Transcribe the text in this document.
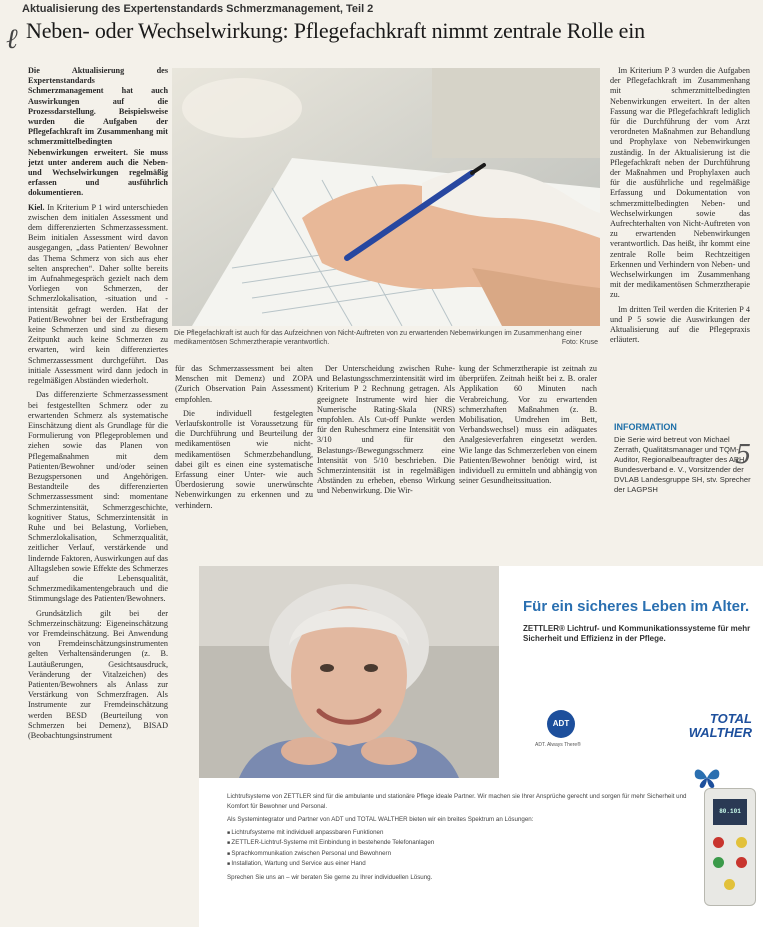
Aktualisierung des Expertenstandards Schmerzmanagement, Teil 2
ℓ Neben- oder Wechselwirkung: Pflegefachkraft nimmt zentrale Rolle ein

Die Aktualisierung des Expertenstandards Schmerzmanagement hat auch Auswirkungen auf die Prozessdarstellung. Beispielsweise wurden die Aufgaben der Pflegefachkraft im Zusammenhang mit schmerzmittelbedingten Nebenwirkungen erweitert. Sie muss jetzt unter anderem auch die Neben- und Wechselwirkungen regelmäßig erfassen und ausführlich dokumentieren.

Kiel. In Kriterium P 1 wird unterschieden zwischen dem initialen Assessment und dem differenzierten Schmerzassessment. Beim initialen Assessment wird davon ausgegangen, „dass Patienten/ Bewohner das Thema Schmerz von sich aus eher selten ansprechen“. Daher sollte bereits im Aufnahmegespräch gezielt nach dem Vorliegen von Schmerzen, der Schmerzlokalisation, -situation und -intensität gefragt werden. Hat der Patient/Bewohner bei der Erstbefragung keine Schmerzen und sind zu diesem Zeitpunkt auch keine Schmerzen zu erwarten, wird kein differenziertes Schmerzassessment durchgeführt. Das initiale Assessment wird dann jedoch in regelmäßigen Abständen wiederholt.

Das differenzierte Schmerzassessment bei festgestellten Schmerz oder zu erwartenden Schmerz als systematische Einschätzung dient als Grundlage für die Formulierung von Pflegeproblemen und ziehen sowie das Planen von Pflegemaßnahmen mit dem Patienten/Bewohner und/oder seinen Bezugspersonen und Angehörigen. Bestandteile des differenzierten Schmerzassessment sind: momentane Schmerzintensität, Schmerzgeschichte, kognitiver Status, Schmerzintensität in Ruhe und bei Belastung, Vorlieben, Schmerzlokalisation, Schmerzqualität, zeitlicher Verlauf, verstärkende und lindernde Faktoren, Auswirkungen auf das Alltagsleben sowie Effekte des Schmerzes auf die Lebensqualität, Schmerzmedikamentengebrauch und die Stimmungslage des Patienten/Bewohners.

Grundsätzlich gilt bei der Schmerzeinschätzung: Eigeneinschätzung vor Fremdeinschätzung. Bei Anwendung von Fremdeinschätzungsinstrumenten gelten Verhaltensänderungen (z. B. Lautäußerungen, Gesichtsausdruck, Veränderung der Vitalzeichen) des Patienten/Bewohners als Anlass zur Verstärkung von Schmerzfragen. Als Instrumente zur Fremdeinschätzung werden BESD (Beurteilung von Schmerzen bei Demenz), BISAD (Beobachtungsinstrument

Die Pflegefachkraft ist auch für das Aufzeichnen von Nicht-Auftreten von zu erwartenden Nebenwirkungen im Zusammenhang einer medikamentösen Schmerztherapie verantwortlich.	Foto: Kruse

für das Schmerzassessment bei alten Menschen mit Demenz) und ZOPA (Zurich Observation Pain Assessment) empfohlen.

Die individuell festgelegten Verlaufskontrolle ist Voraussetzung für die Durchführung und Beurteilung der medikamentösen wie nicht-medikamentösen Schmerzbehandlung, dabei gilt es einen eine systematische Erfassung einer Unter- wie auch Überdosierung sowie unerwünschte Nebenwirkungen zu erkennen und zu verhindern.

Der Unterscheidung zwischen Ruhe- und Belastungsschmerzintensität wird im Kriterium P 2 Rechnung getragen. Als geeignete Instrumente wird hier die Numerische Rating-Skala (NRS) empfohlen. Als Cut-off Punkte werden für den Ruheschmerz eine Intensität von 3/10 und für den Belastungs-/Bewegungsschmerz eine Intensität von 5/10 beschrieben. Die Schmerzintensität ist in regelmäßigen Abständen zu erheben, ebenso Wirkung und Nebenwirkung. Die Wir-

kung der Schmerztherapie ist zeitnah zu überprüfen. Zeitnah heißt bei z. B. oraler Applikation 60 Minuten nach Verabreichung. Vor zu erwartenden schmerzhaften Maßnahmen (z. B. Mobilisation, Umdrehen im Bett, Verbandswechsel) muss ein adäquates Analgesieverfahren eingesetzt werden. Wie lange das Schmerzerleben von einem Patienten/Bewohner benötigt wird, ist individuell zu ermitteln und abhängig von seiner Gesundheitssituation.

Im Kriterium P 3 wurden die Aufgaben der Pflegefachkraft im Zusammenhang mit schmerzmittelbedingten Nebenwirkungen erweitert. In der alten Fassung war die Pflegefachkraft lediglich für die Durchführung der vom Arzt verordneten Maßnahmen zur Behandlung und Prophylaxe von Nebenwirkungen zuständig. In der Aktualisierung ist die Pflegefachkraft neben der Durchführung der Maßnahmen und Prophylaxen auch für die ausführliche und regelmäßige Erfassung und Dokumentation von schmerzmittelbedingten Neben- und Wechselwirkungen sowie das Aufrechterhalten von Nicht-Auftreten von zu erwartenden Nebenwirkungen verantwortlich. Das heißt, ihr kommt eine zentrale Rolle beim Rechtzeitigen Erkennen und Verhindern von Neben- und Wechselwirkungen im Zusammenhang mit der medikamentösen Schmerztherapie zu.

Im dritten Teil werden die Kriterien P 4 und P 5 sowie die Auswirkungen der Aktualisierung auf die Pflegepraxis erläutert.

INFORMATION
Die Serie wird betreut von Michael Zerrath, Qualitätsmanager und TQM-Auditor, Regionalbeauftragter des APH Bundesverband e. V., Vorsitzender der DVLAB Landesgruppe SH, stv. Sprecher der LAGPSH
5
Für ein sicheres Leben im Alter.
ZETTLER® Lichtruf- und Kommunikationssysteme für mehr Sicherheit und Effizienz in der Pflege.
ADT
ADT. Always There®
TOTAL
WALTHER

Lichtrufsysteme von ZETTLER sind für die ambulante und stationäre Pflege ideale Partner. Wir machen sie Ihrer Ansprüche gerecht und sorgen für mehr Sicherheit und Komfort für Bewohner und Personal.

Als Systemintegrator und Partner von ADT und TOTAL WALTHER bieten wir ein breites Spektrum an Lösungen:

■ Lichtrufsysteme mit individuell anpassbaren Funktionen
■ ZETTLER-Lichtruf-Systeme mit Einbindung in bestehende Telefonanlagen
■ Sprachkommunikation zwischen Personal und Bewohnern
■ Installation, Wartung und Service aus einer Hand

Sprechen Sie uns an – wir beraten Sie gerne zu Ihrer individuellen Lösung.

80.101
